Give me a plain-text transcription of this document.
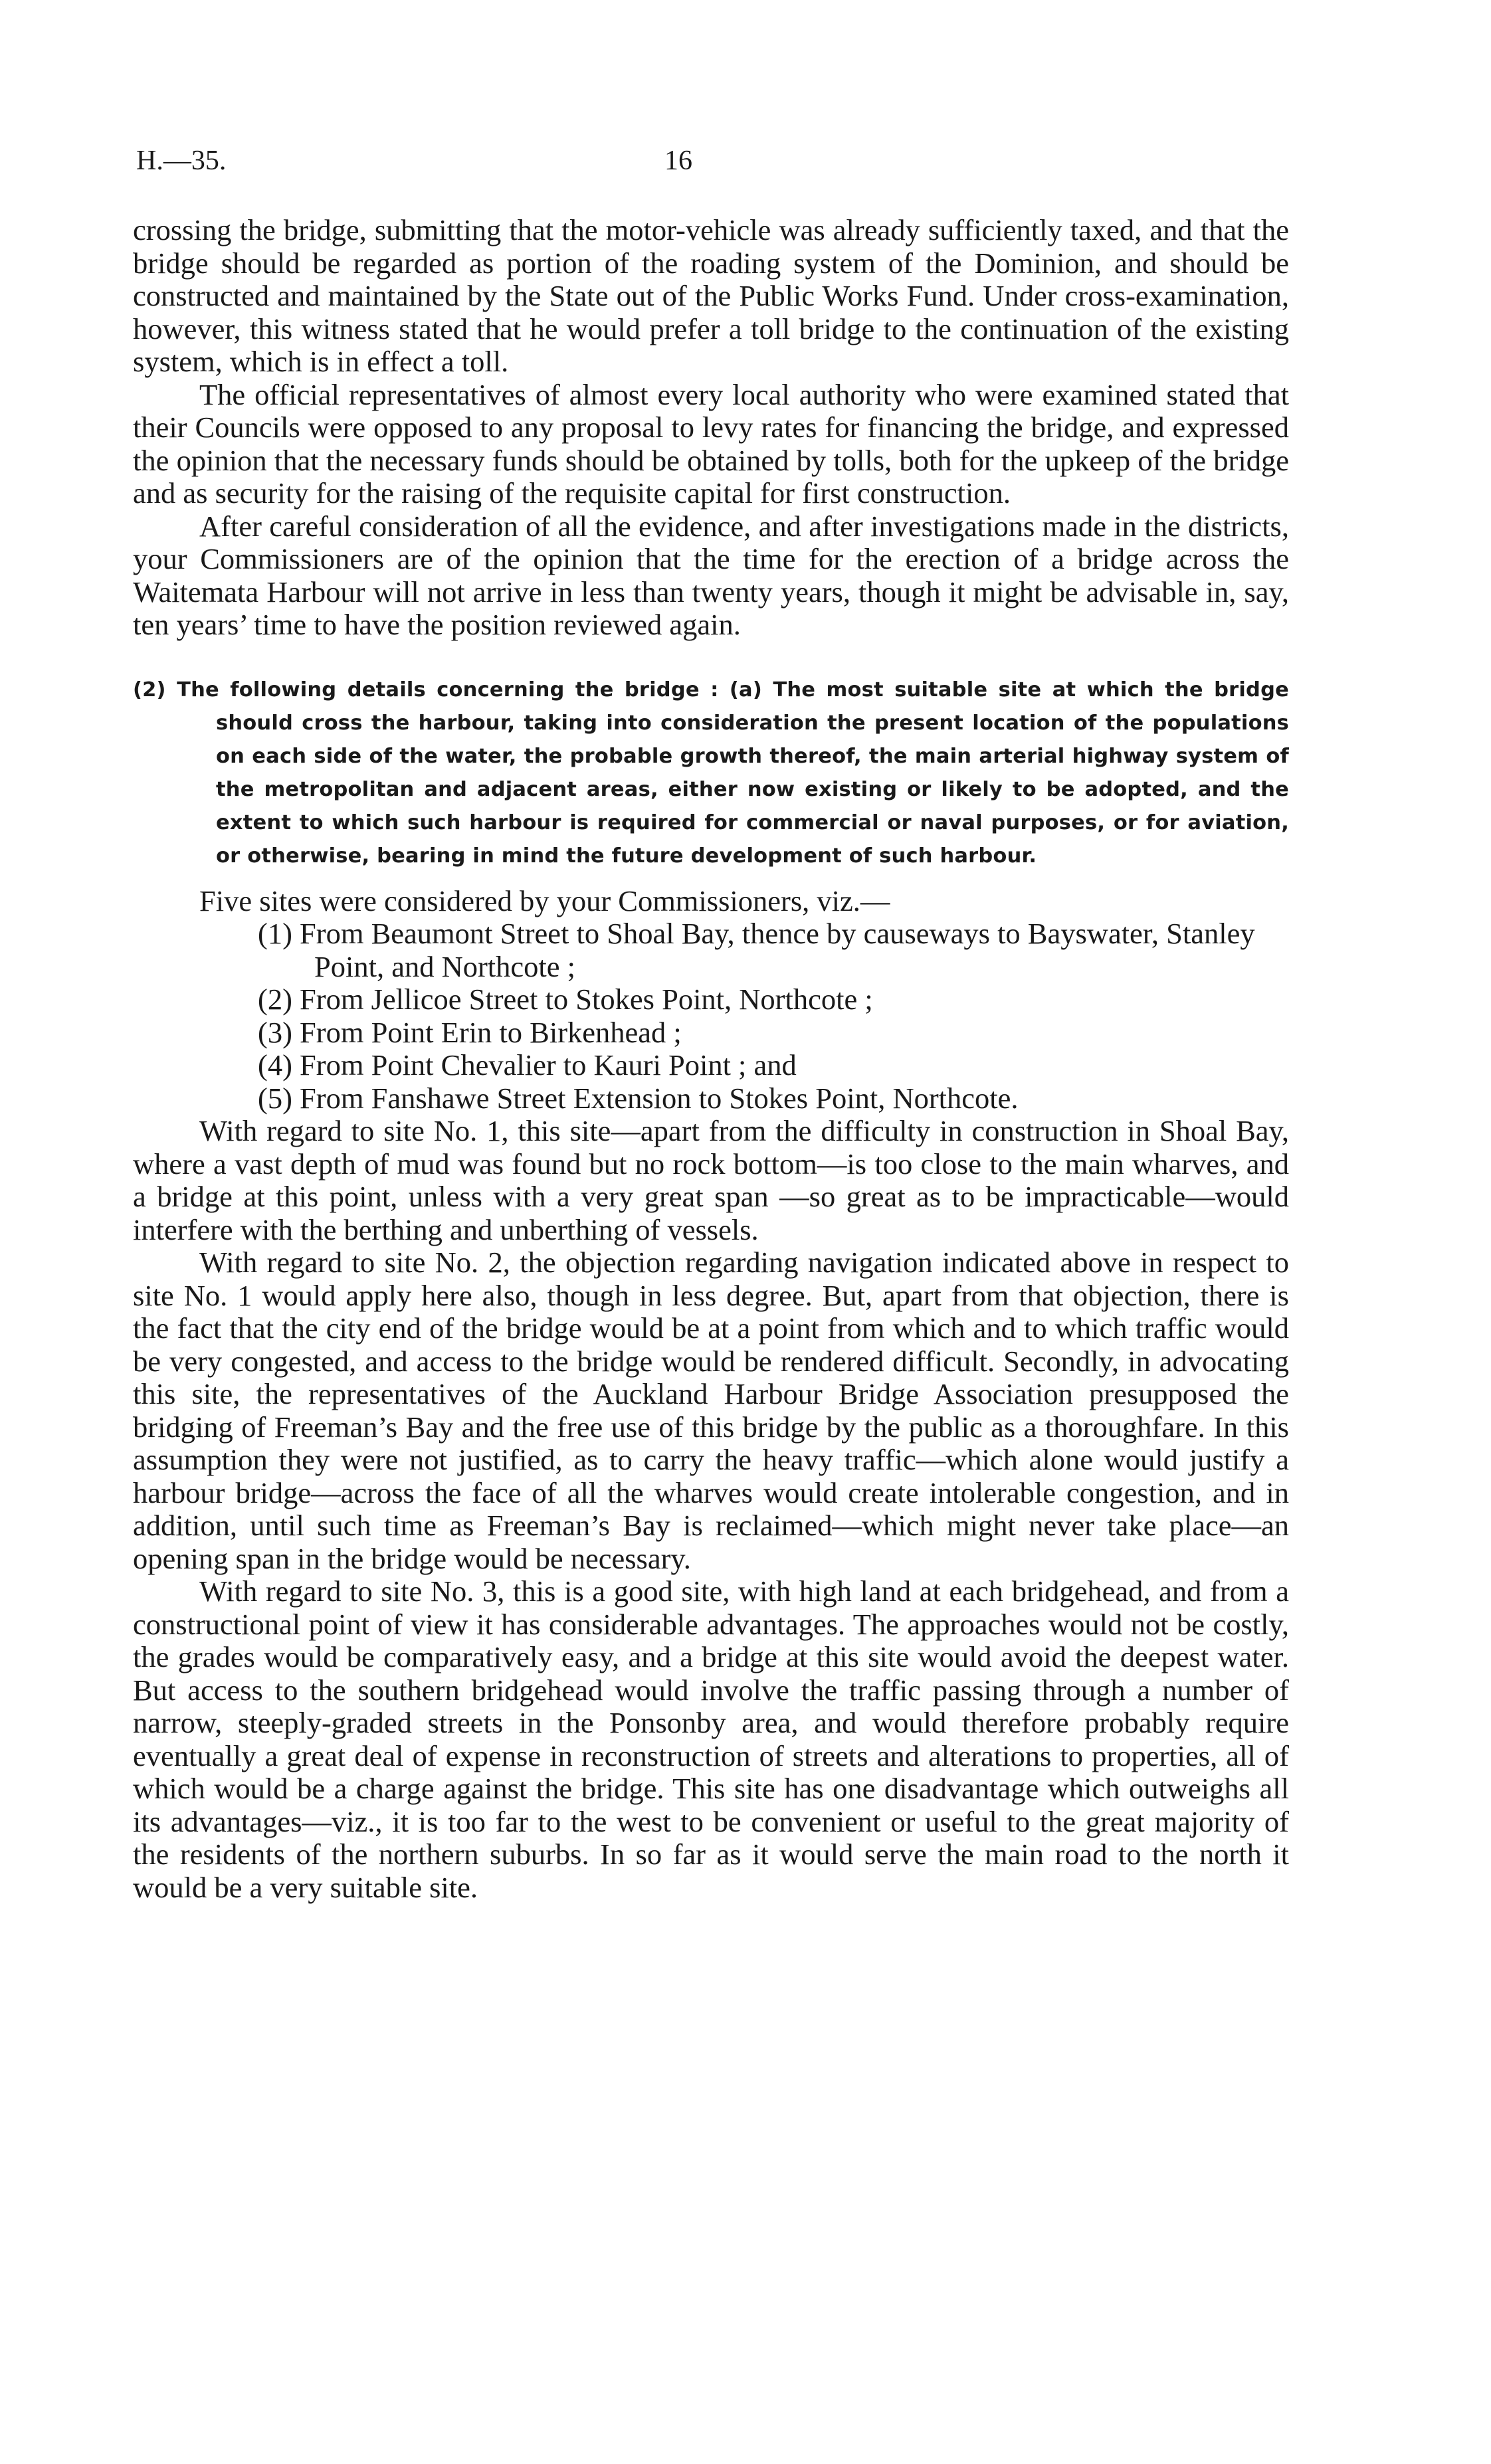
H.—35.	16

crossing the bridge, submitting that the motor-vehicle was already sufficiently taxed, and that the bridge should be regarded as portion of the roading system of the Dominion, and should be constructed and maintained by the State out of the Public Works Fund. Under cross-examination, however, this witness stated that he would prefer a toll bridge to the continuation of the existing system, which is in effect a toll.

The official representatives of almost every local authority who were examined stated that their Councils were opposed to any proposal to levy rates for financing the bridge, and expressed the opinion that the necessary funds should be obtained by tolls, both for the upkeep of the bridge and as security for the raising of the requisite capital for first construction.

After careful consideration of all the evidence, and after investigations made in the districts, your Commissioners are of the opinion that the time for the erection of a bridge across the Waitemata Harbour will not arrive in less than twenty years, though it might be advisable in, say, ten years’ time to have the position reviewed again.

(2) The following details concerning the bridge : (a) The most suitable site at which the bridge should cross the harbour, taking into consideration the present location of the populations on each side of the water, the probable growth thereof, the main arterial highway system of the metropolitan and adjacent areas, either now existing or likely to be adopted, and the extent to which such harbour is required for commercial or naval purposes, or for aviation, or otherwise, bearing in mind the future development of such harbour.

Five sites were considered by your Commissioners, viz.—

(1) From Beaumont Street to Shoal Bay, thence by causeways to Bayswater, Stanley Point, and Northcote ;
(2) From Jellicoe Street to Stokes Point, Northcote ;
(3) From Point Erin to Birkenhead ;
(4) From Point Chevalier to Kauri Point ; and
(5) From Fanshawe Street Extension to Stokes Point, Northcote.

With regard to site No. 1, this site—apart from the difficulty in construction in Shoal Bay, where a vast depth of mud was found but no rock bottom—is too close to the main wharves, and a bridge at this point, unless with a very great span —so great as to be impracticable—would interfere with the berthing and unberthing of vessels.

With regard to site No. 2, the objection regarding navigation indicated above in respect to site No. 1 would apply here also, though in less degree. But, apart from that objection, there is the fact that the city end of the bridge would be at a point from which and to which traffic would be very congested, and access to the bridge would be rendered difficult. Secondly, in advocating this site, the representatives of the Auckland Harbour Bridge Association presupposed the bridging of Freeman’s Bay and the free use of this bridge by the public as a thoroughfare. In this assumption they were not justified, as to carry the heavy traffic—which alone would justify a harbour bridge—across the face of all the wharves would create intolerable congestion, and in addition, until such time as Freeman’s Bay is reclaimed—which might never take place—an opening span in the bridge would be necessary.

With regard to site No. 3, this is a good site, with high land at each bridgehead, and from a constructional point of view it has considerable advantages. The approaches would not be costly, the grades would be comparatively easy, and a bridge at this site would avoid the deepest water. But access to the southern bridgehead would involve the traffic passing through a number of narrow, steeply-graded streets in the Ponsonby area, and would therefore probably require eventually a great deal of expense in reconstruction of streets and alterations to properties, all of which would be a charge against the bridge. This site has one disadvantage which outweighs all its advantages—viz., it is too far to the west to be convenient or useful to the great majority of the residents of the northern suburbs. In so far as it would serve the main road to the north it would be a very suitable site.
